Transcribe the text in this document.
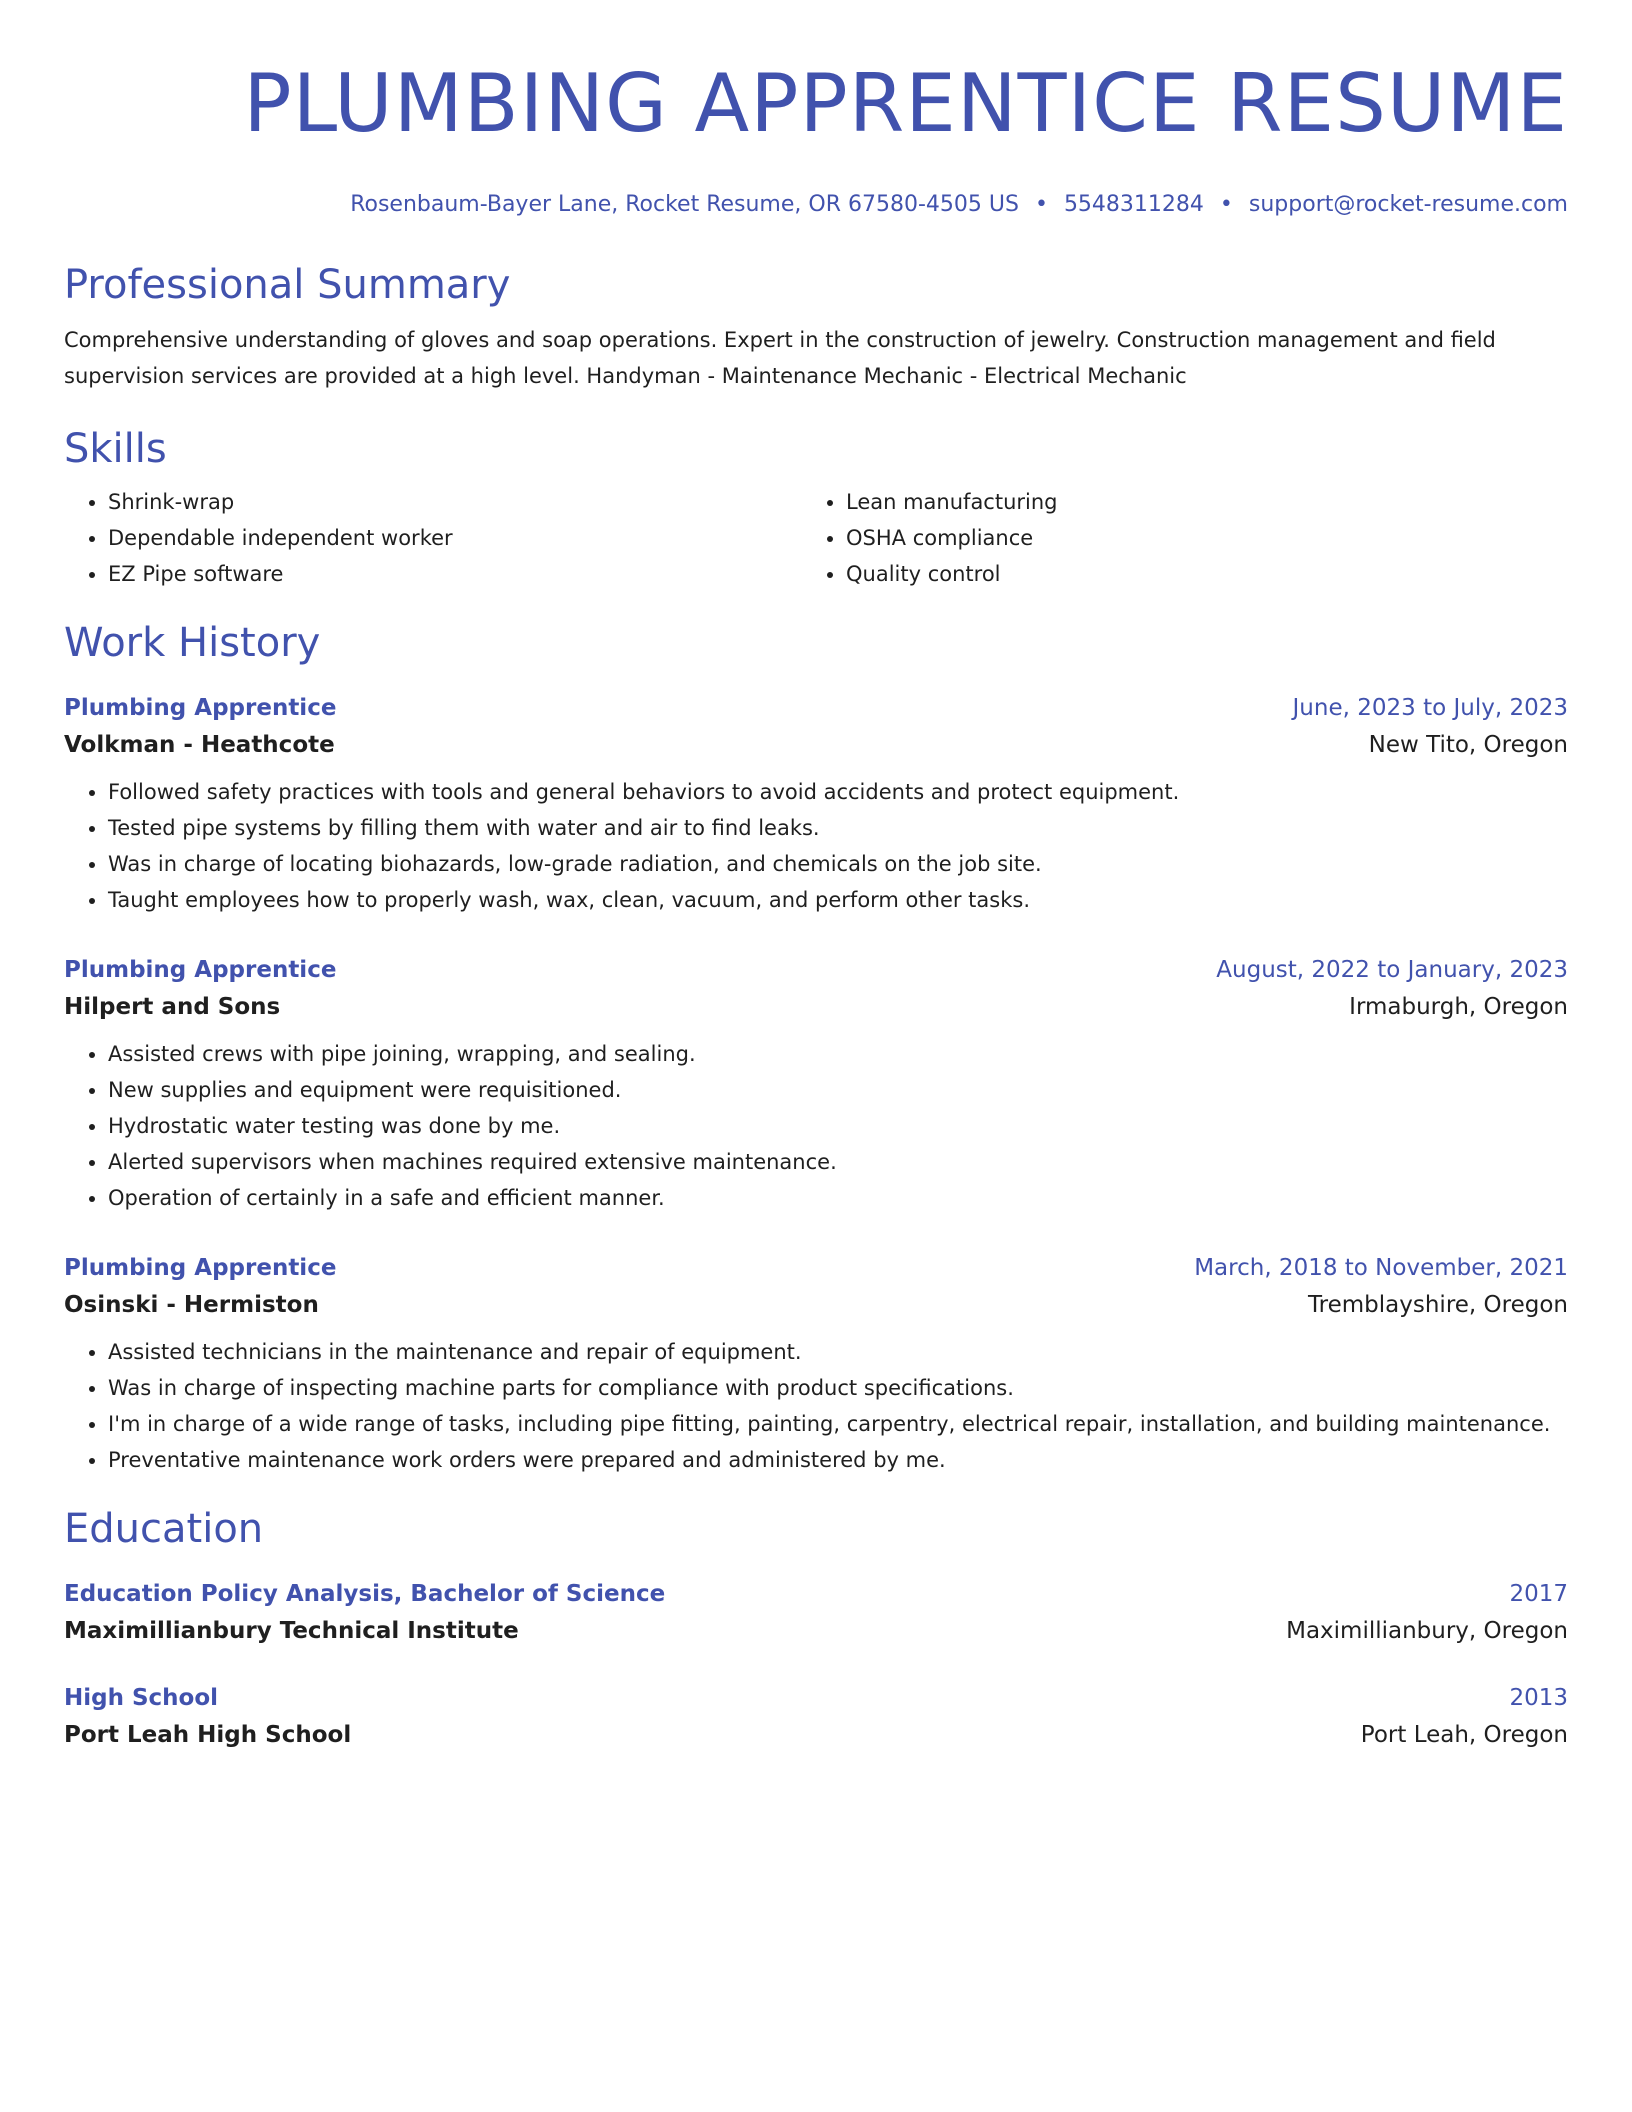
PLUMBING APPRENTICE RESUME
Rosenbaum-Bayer Lane, Rocket Resume, OR 67580-4505 US • 5548311284 • support@rocket-resume.com
Professional Summary

Comprehensive understanding of gloves and soap operations. Expert in the construction of jewelry. Construction management and field supervision services are provided at a high level. Handyman - Maintenance Mechanic - Electrical Mechanic

Skills
• Shrink-wrap
• Dependable independent worker
• EZ Pipe software
• Lean manufacturing
• OSHA compliance
• Quality control
Work History
Plumbing Apprentice	June, 2023 to July, 2023
Volkman - Heathcote	New Tito, Oregon
• Followed safety practices with tools and general behaviors to avoid accidents and protect equipment.
• Tested pipe systems by filling them with water and air to find leaks.
• Was in charge of locating biohazards, low-grade radiation, and chemicals on the job site.
• Taught employees how to properly wash, wax, clean, vacuum, and perform other tasks.
Plumbing Apprentice	August, 2022 to January, 2023
Hilpert and Sons	Irmaburgh, Oregon
• Assisted crews with pipe joining, wrapping, and sealing.
• New supplies and equipment were requisitioned.
• Hydrostatic water testing was done by me.
• Alerted supervisors when machines required extensive maintenance.
• Operation of certainly in a safe and efficient manner.
Plumbing Apprentice	March, 2018 to November, 2021
Osinski - Hermiston	Tremblayshire, Oregon
• Assisted technicians in the maintenance and repair of equipment.
• Was in charge of inspecting machine parts for compliance with product specifications.
• I'm in charge of a wide range of tasks, including pipe fitting, painting, carpentry, electrical repair, installation, and building maintenance.
• Preventative maintenance work orders were prepared and administered by me.
Education
Education Policy Analysis, Bachelor of Science	2017
Maximillianbury Technical Institute	Maximillianbury, Oregon
High School	2013
Port Leah High School	Port Leah, Oregon
